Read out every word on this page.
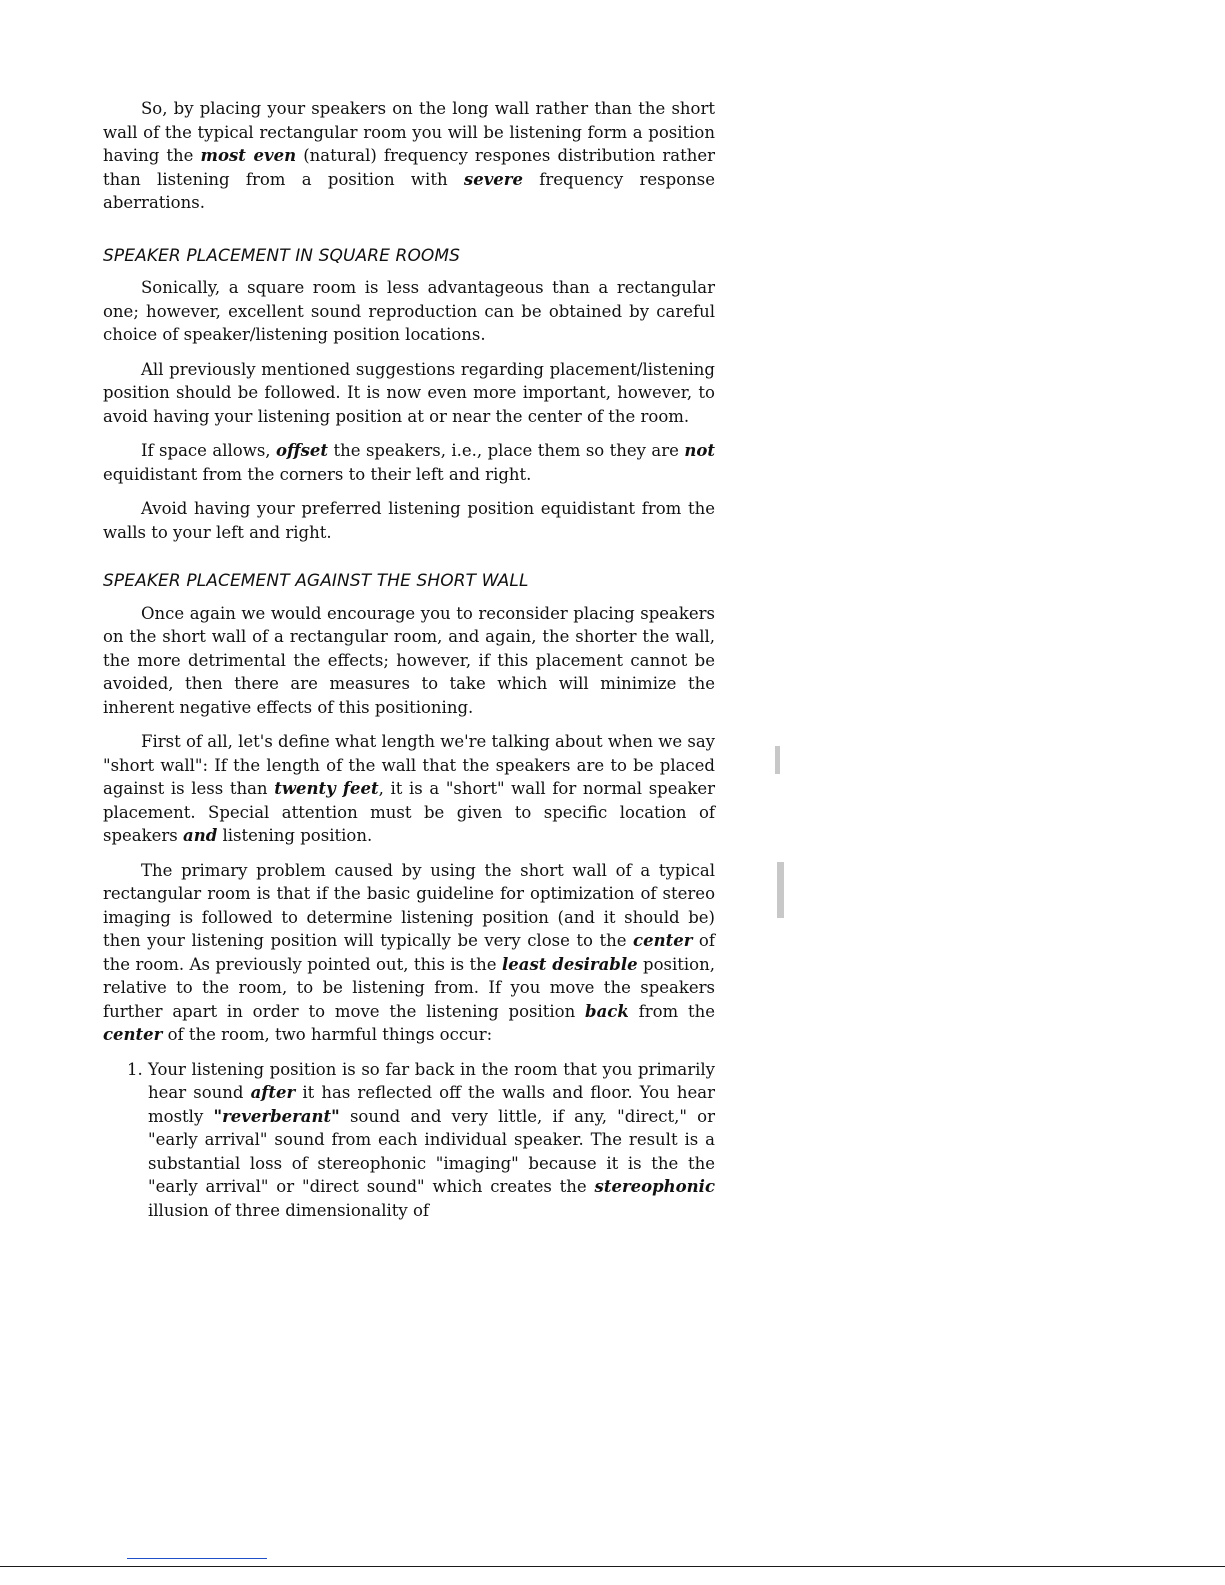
So, by placing your speakers on the long wall rather than the short wall of the typical rectangular room you will be listening form a position having the most even (natural) frequency respones distribution rather than listening from a position with severe frequency response aberrations.

SPEAKER PLACEMENT IN SQUARE ROOMS

Sonically, a square room is less advantageous than a rectangular one; however, excellent sound reproduction can be obtained by careful choice of speaker/listening position locations.

All previously mentioned suggestions regarding placement/listening position should be followed. It is now even more important, however, to avoid having your listening position at or near the center of the room.

If space allows, offset the speakers, i.e., place them so they are not equidistant from the corners to their left and right.

Avoid having your preferred listening position equidistant from the walls to your left and right.

SPEAKER PLACEMENT AGAINST THE SHORT WALL

Once again we would encourage you to reconsider placing speakers on the short wall of a rectangular room, and again, the shorter the wall, the more detrimental the effects; however, if this placement cannot be avoided, then there are measures to take which will minimize the inherent negative effects of this positioning.

First of all, let's define what length we're talking about when we say "short wall": If the length of the wall that the speakers are to be placed against is less than twenty feet, it is a "short" wall for normal speaker placement. Special attention must be given to specific location of speakers and listening position.

The primary problem caused by using the short wall of a typical rectangular room is that if the basic guideline for optimization of stereo imaging is followed to determine listening position (and it should be) then your listening position will typically be very close to the center of the room. As previously pointed out, this is the least desirable position, relative to the room, to be listening from. If you move the speakers further apart in order to move the listening position back from the center of the room, two harmful things occur:

1. Your listening position is so far back in the room that you primarily hear sound after it has reflected off the walls and floor. You hear mostly "reverberant" sound and very little, if any, "direct," or "early arrival" sound from each individual speaker. The result is a substantial loss of stereophonic "imaging" because it is the the "early arrival" or "direct sound" which creates the stereophonic illusion of three dimensionality of
